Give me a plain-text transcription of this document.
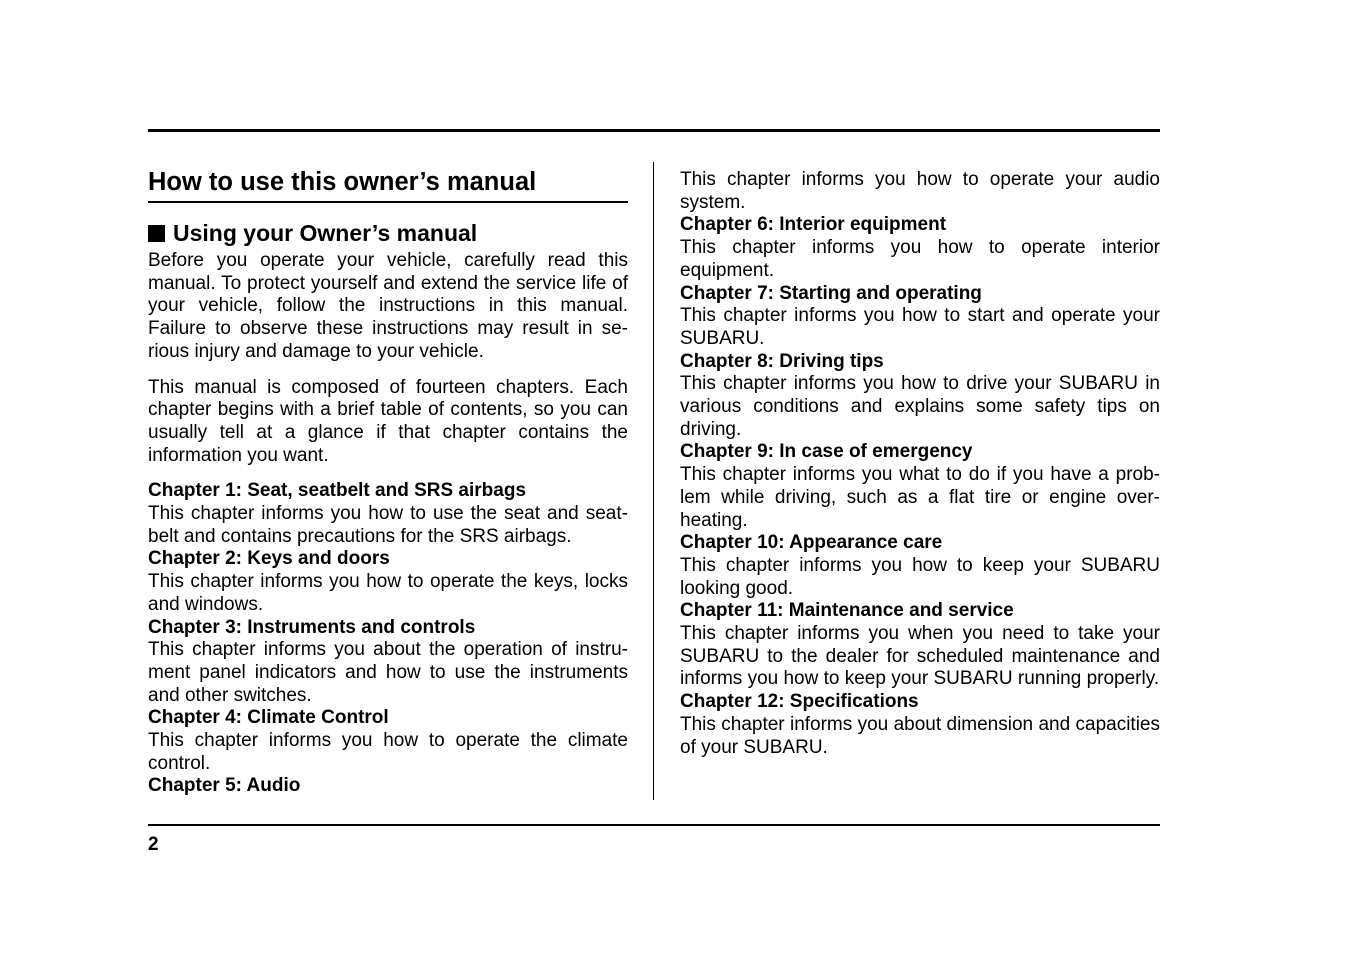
How to use this owner’s manual
Using your Owner’s manual

Before you operate your vehicle, carefully read this manual. To protect yourself and extend the service life of your vehicle, follow the instructions in this manual. Failure to observe these instructions may result in serious injury and damage to your vehicle.

This manual is composed of fourteen chapters. Each chapter begins with a brief table of contents, so you can usually tell at a glance if that chapter contains the information you want.

Chapter 1: Seat, seatbelt and SRS airbags

This chapter informs you how to use the seat and seatbelt and contains precautions for the SRS airbags.

Chapter 2: Keys and doors

This chapter informs you how to operate the keys, locks and windows.

Chapter 3: Instruments and controls

This chapter informs you about the operation of instrument panel indicators and how to use the instruments and other switches.

Chapter 4: Climate Control

This chapter informs you how to operate the climate control.

Chapter 5: Audio

This chapter informs you how to operate your audio system.

Chapter 6: Interior equipment

This chapter informs you how to operate interior equipment.

Chapter 7: Starting and operating

This chapter informs you how to start and operate your SUBARU.

Chapter 8: Driving tips

This chapter informs you how to drive your SUBARU in various conditions and explains some safety tips on driving.

Chapter 9: In case of emergency

This chapter informs you what to do if you have a problem while driving, such as a flat tire or engine overheating.

Chapter 10: Appearance care

This chapter informs you how to keep your SUBARU looking good.

Chapter 11: Maintenance and service

This chapter informs you when you need to take your SUBARU to the dealer for scheduled maintenance and informs you how to keep your SUBARU running properly.

Chapter 12: Specifications

This chapter informs you about dimension and capacities of your SUBARU.

2
